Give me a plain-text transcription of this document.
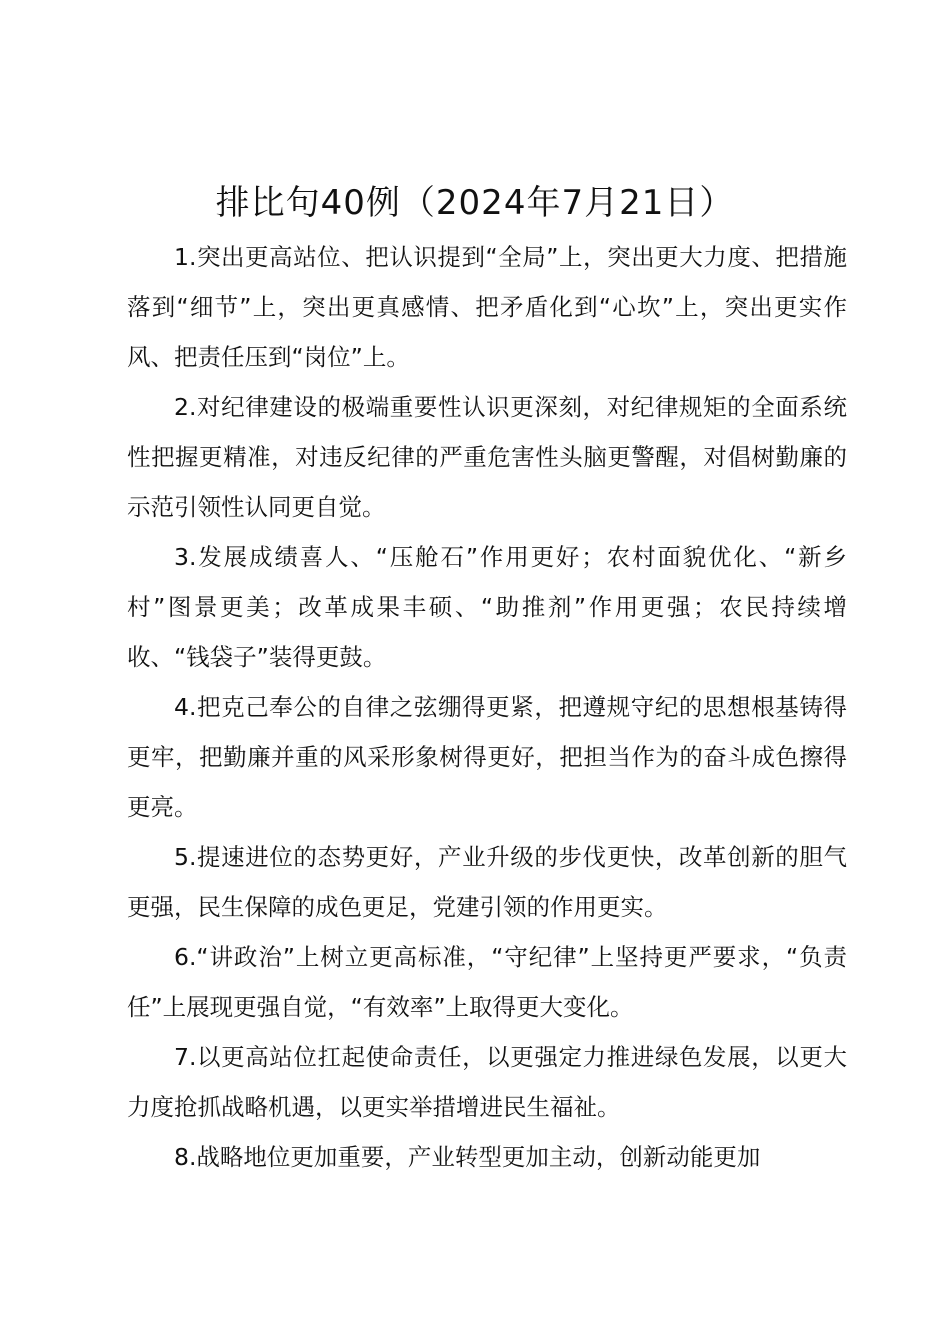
排比句40例（2024年7月21日）

1.突出更高站位、把认识提到“全局”上，突出更大力度、把措施落到“细节”上，突出更真感情、把矛盾化到“心坎”上，突出更实作风、把责任压到“岗位”上。

2.对纪律建设的极端重要性认识更深刻，对纪律规矩的全面系统性把握更精准，对违反纪律的严重危害性头脑更警醒，对倡树勤廉的示范引领性认同更自觉。

3.发展成绩喜人、“压舱石”作用更好；农村面貌优化、“新乡村”图景更美；改革成果丰硕、“助推剂”作用更强；农民持续增收、“钱袋子”装得更鼓。

4.把克己奉公的自律之弦绷得更紧，把遵规守纪的思想根基铸得更牢，把勤廉并重的风采形象树得更好，把担当作为的奋斗成色擦得更亮。

5.提速进位的态势更好，产业升级的步伐更快，改革创新的胆气更强，民生保障的成色更足，党建引领的作用更实。

6.“讲政治”上树立更高标准，“守纪律”上坚持更严要求，“负责任”上展现更强自觉，“有效率”上取得更大变化。

7.以更高站位扛起使命责任，以更强定力推进绿色发展，以更大力度抢抓战略机遇，以更实举措增进民生福祉。

8.战略地位更加重要，产业转型更加主动，创新动能更加
